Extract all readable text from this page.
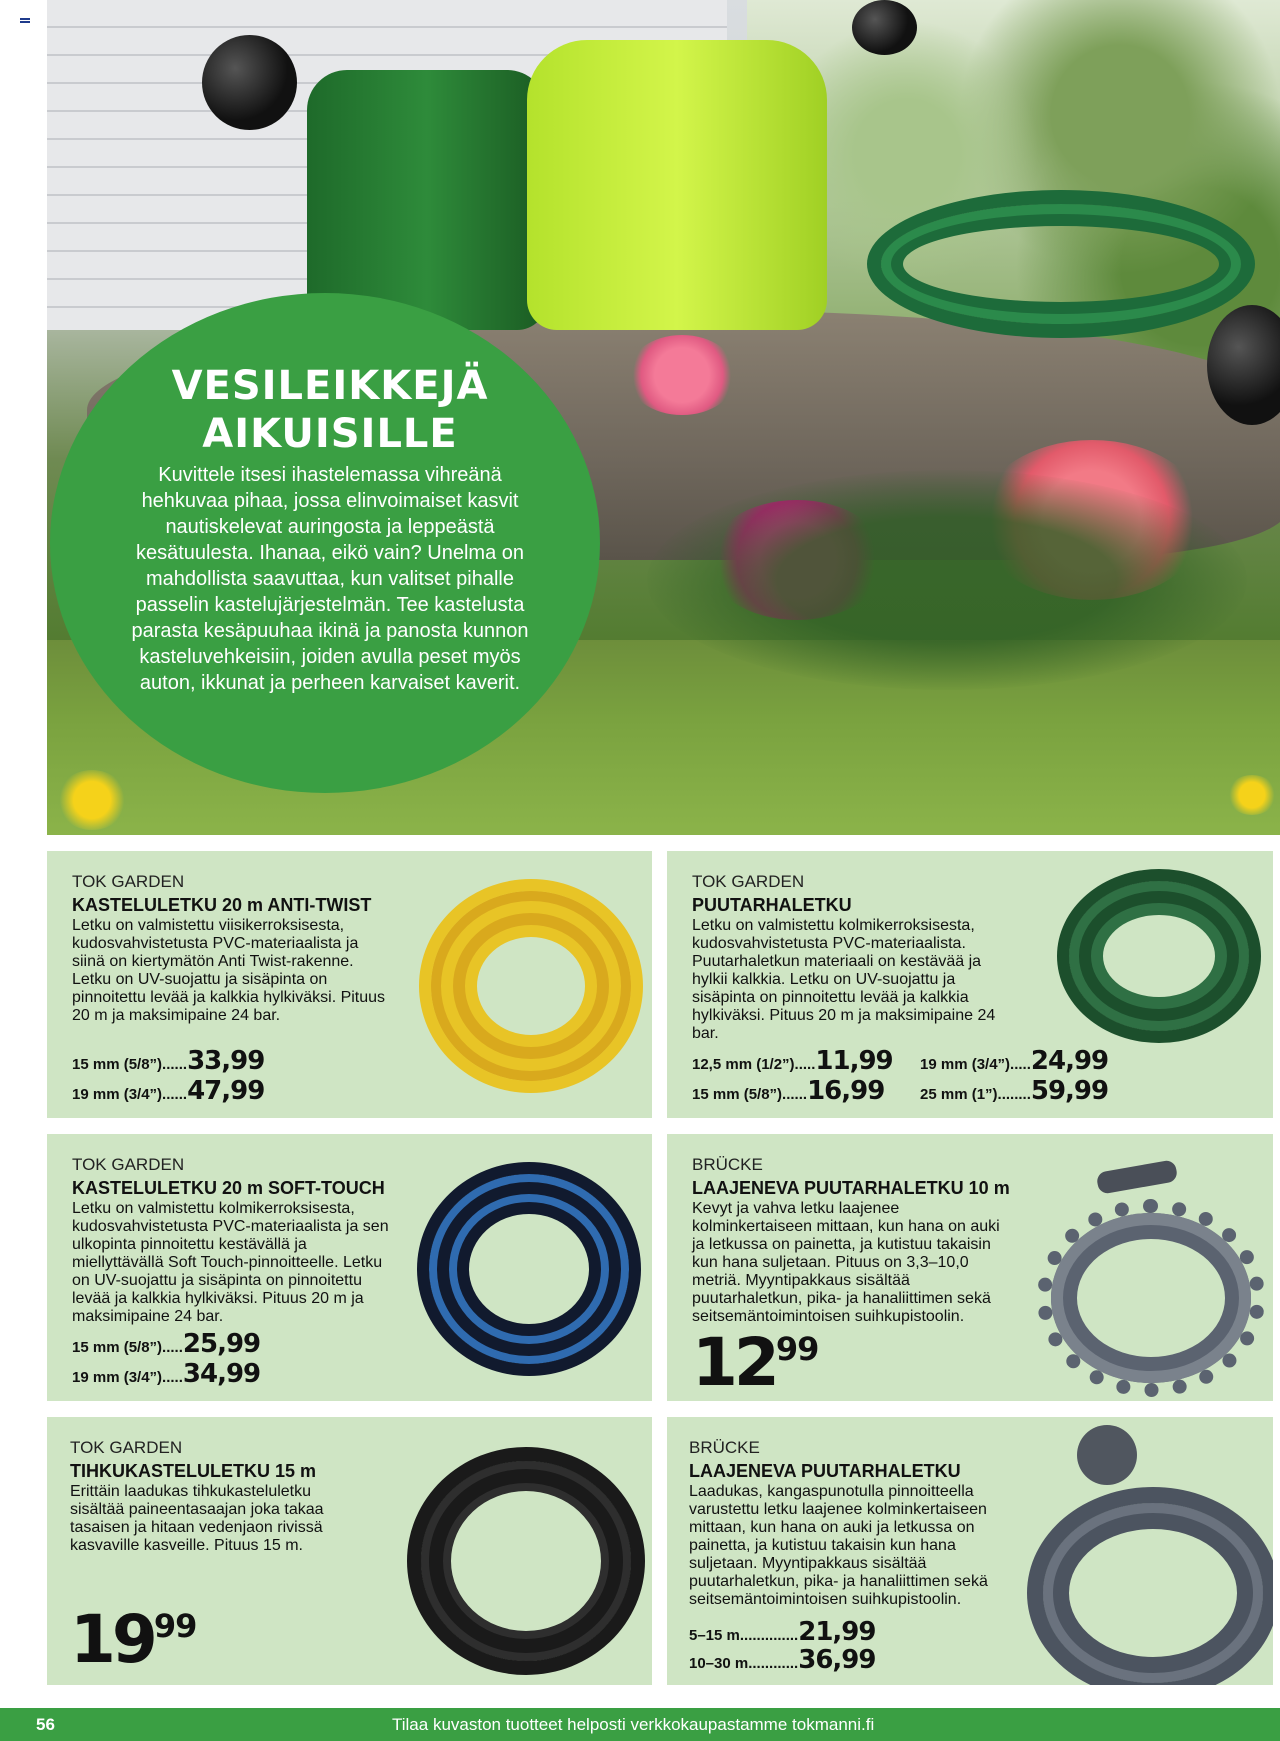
VESILEIKKEJÄ
AIKUISILLE
Kuvittele itsesi ihastelemassa vihreänä hehkuvaa pihaa, jossa elinvoimaiset kasvit nautiskelevat auringosta ja leppeästä kesätuulesta. Ihanaa, eikö vain? Unelma on mahdollista saavuttaa, kun valitset pihalle passelin kastelujärjestelmän. Tee kastelusta parasta kesäpuuhaa ikinä ja panosta kunnon kasteluvehkeisiin, joiden avulla peset myös auton, ikkunat ja perheen karvaiset kaverit.
TOK GARDEN
KASTELULETKU 20 m ANTI-TWIST
Letku on valmistettu viisikerroksisesta, kudosvahvistetusta PVC-materiaalista ja siinä on kiertymätön Anti Twist-rakenne. Letku on UV-suojattu ja sisäpinta on pinnoitettu levää ja kalkkia hylkiväksi. Pituus 20 m ja maksimipaine 24 bar.
15 mm (5/8”)......33,99
19 mm (3/4”)......47,99
TOK GARDEN
PUUTARHALETKU
Letku on valmistettu kolmikerroksisesta, kudosvahvistetusta PVC-materiaalista. Puutarhaletkun materiaali on kestävää ja hylkii kalkkia. Letku on UV-suojattu ja sisäpinta on pinnoitettu levää ja kalkkia hylkiväksi. Pituus 20 m ja maksimipaine 24 bar.
12,5 mm (1/2”).....11,99
15 mm (5/8”)......16,99
19 mm (3/4”).....24,99
25 mm (1”)........59,99
TOK GARDEN
KASTELULETKU 20 m SOFT-TOUCH
Letku on valmistettu kolmikerroksisesta, kudosvahvistetusta PVC-materiaalista ja sen ulkopinta pinnoitettu kestävällä ja miellyttävällä Soft Touch-pinnoitteelle. Letku on UV-suojattu ja sisäpinta on pinnoitettu levää ja kalkkia hylkiväksi. Pituus 20 m ja maksimipaine 24 bar.
15 mm (5/8”).....25,99
19 mm (3/4”).....34,99
BRÜCKE
LAAJENEVA PUUTARHALETKU 10 m
Kevyt ja vahva letku laajenee kolminkertaiseen mittaan, kun hana on auki ja letkussa on painetta, ja kutistuu takaisin kun hana suljetaan. Pituus on 3,3–10,0 metriä. Myyntipakkaus sisältää puutarhaletkun, pika- ja hanaliittimen sekä seitsemäntoimintoisen suihkupistoolin.
1299
TOK GARDEN
TIHKUKASTELULETKU 15 m
Erittäin laadukas tihkukasteluletku sisältää paineentasaajan joka takaa tasaisen ja hitaan vedenjaon rivissä kasvaville kasveille. Pituus 15 m.
1999
BRÜCKE
LAAJENEVA PUUTARHALETKU
Laadukas, kangaspunotulla pinnoitteella varustettu letku laajenee kolminkertaiseen mittaan, kun hana on auki ja letkussa on painetta, ja kutistuu takaisin kun hana suljetaan. Myyntipakkaus sisältää puutarhaletkun, pika- ja hanaliittimen sekä seitsemäntoimintoisen suihkupistoolin.
5–15 m..............21,99
10–30 m............36,99
56	Tilaa kuvaston tuotteet helposti verkkokaupastamme tokmanni.fi
